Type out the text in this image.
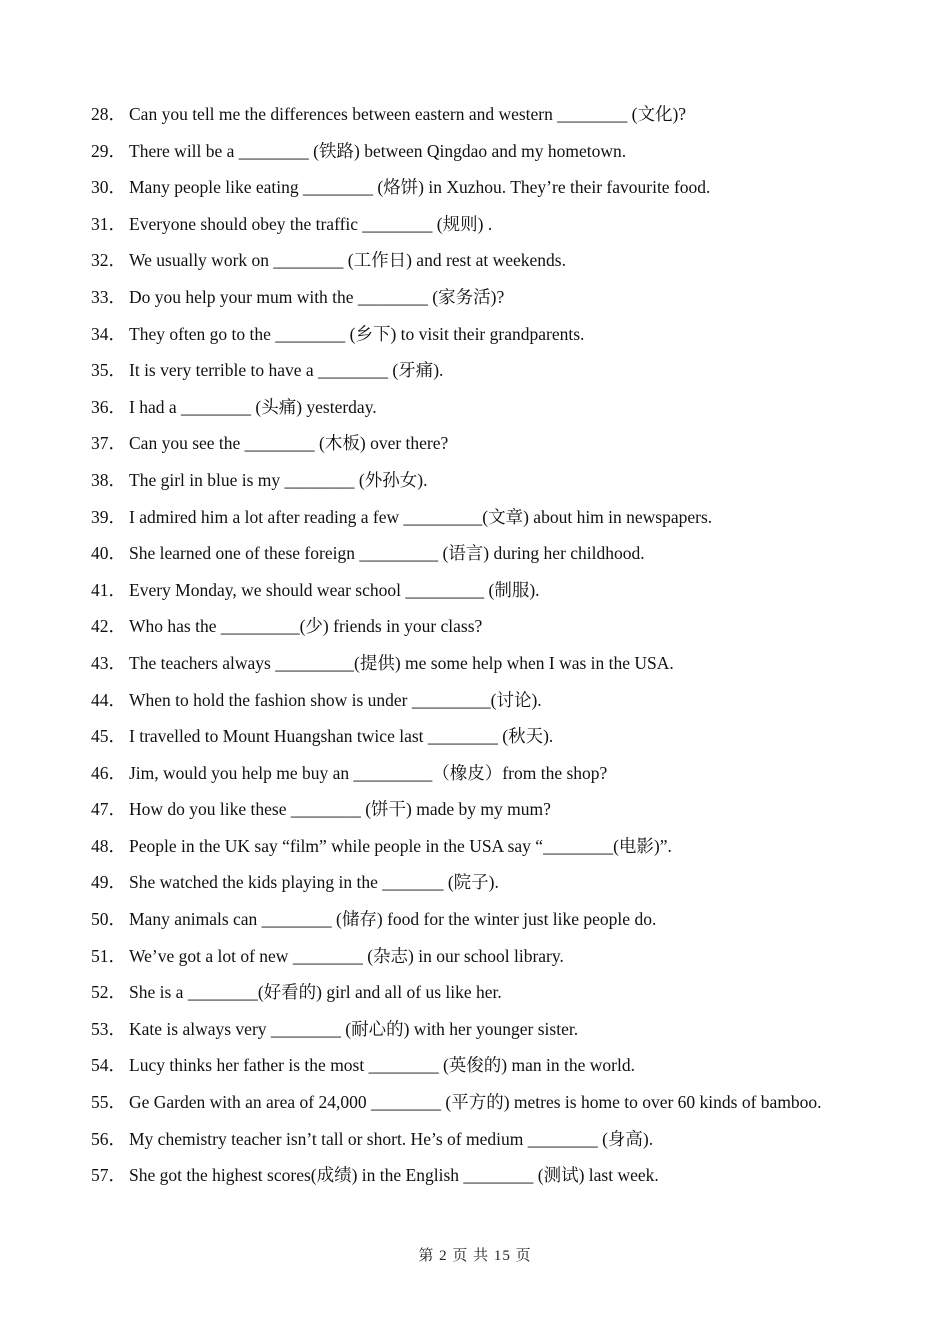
28． Can you tell me the differences between eastern and western ________ (文化)?
29． There will be a ________ (铁路) between Qingdao and my hometown.
30． Many people like eating ________ (烙饼) in Xuzhou. They’re their favourite food.
31． Everyone should obey the traffic ________ (规则) .
32． We usually work on ________ (工作日) and rest at weekends.
33． Do you help your mum with the ________ (家务活)?
34． They often go to the ________ (乡下) to visit their grandparents.
35． It is very terrible to have a ________ (牙痛).
36． I had a ________ (头痛) yesterday.
37． Can you see the ________ (木板) over there?
38． The girl in blue is my ________ (外孙女).
39． I admired him a lot after reading a few _________(文章) about him in newspapers.
40． She learned one of these foreign _________ (语言) during her childhood.
41． Every Monday, we should wear school _________ (制服).
42． Who has the _________(少) friends in your class?
43． The teachers always _________(提供) me some help when I was in the USA.
44． When to hold the fashion show is under _________(讨论).
45． I travelled to Mount Huangshan twice last ________ (秋天).
46． Jim, would you help me buy an _________（橡皮）from the shop?
47． How do you like these ________ (饼干) made by my mum?
48． People in the UK say “film” while people in the USA say “________(电影)”.
49． She watched the kids playing in the _______ (院子).
50． Many animals can ________ (储存) food for the winter just like people do.
51． We’ve got a lot of new ________ (杂志) in our school library.
52． She is a ________(好看的) girl and all of us like her.
53． Kate is always very ________ (耐心的) with her younger sister.
54． Lucy thinks her father is the most ________ (英俊的) man in the world.
55． Ge Garden with an area of 24,000 ________ (平方的) metres is home to over 60 kinds of bamboo.
56． My chemistry teacher isn’t tall or short. He’s of medium ________ (身高).
57． She got the highest scores(成绩) in the English ________ (测试) last week.
第 2 页 共 15 页
